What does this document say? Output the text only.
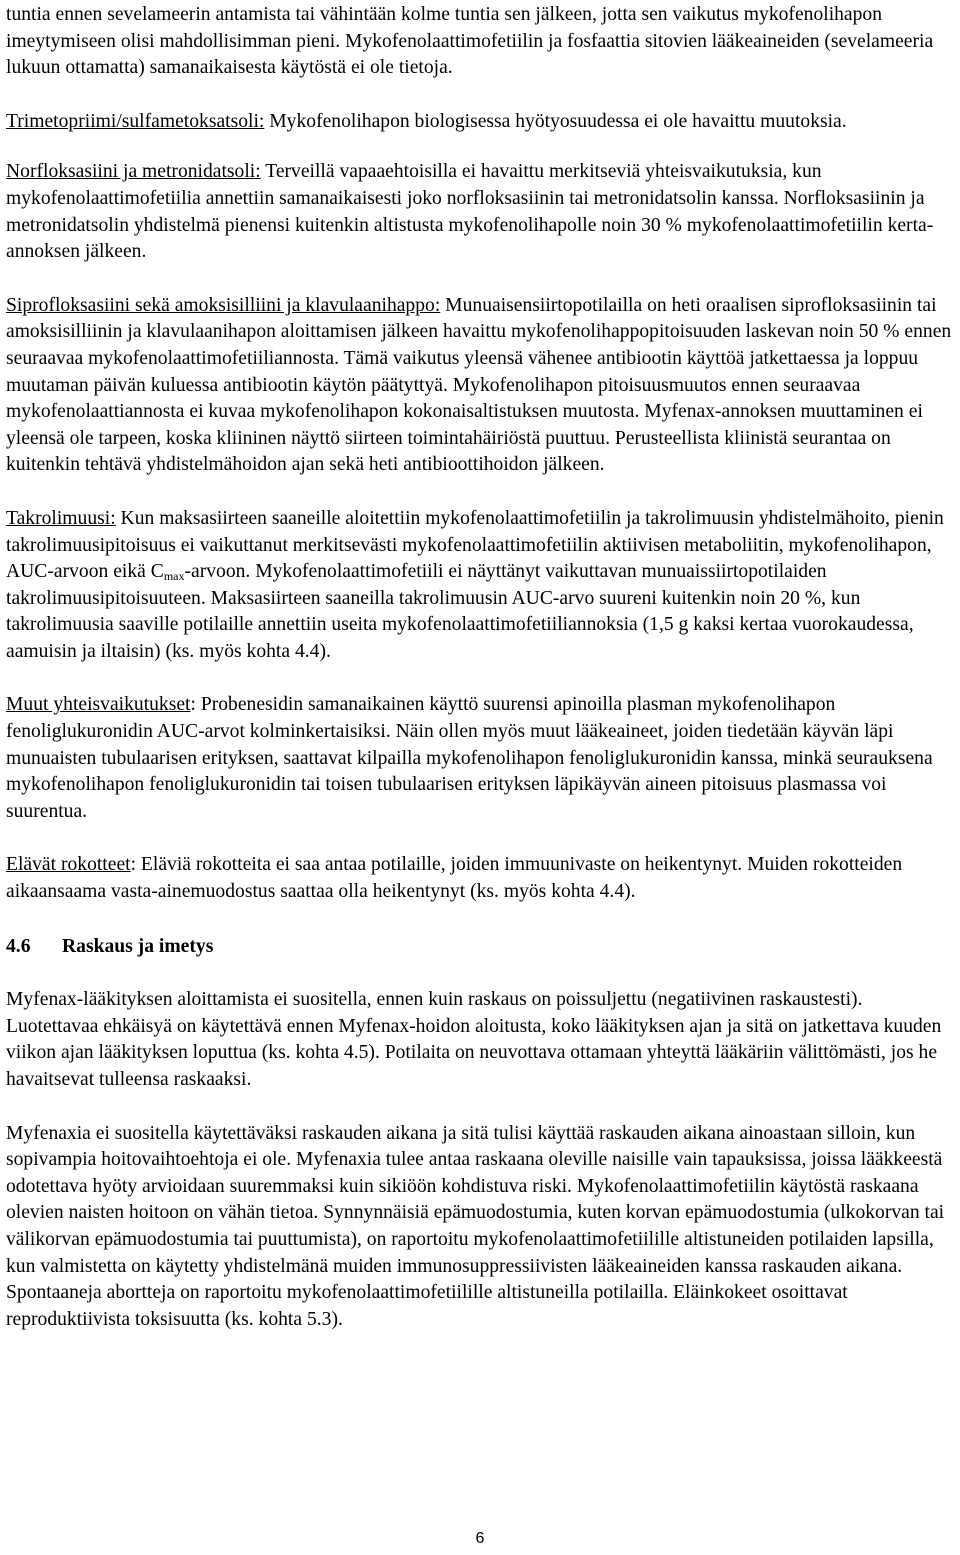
tuntia ennen sevelameerin antamista tai vähintään kolme tuntia sen jälkeen, jotta sen vaikutus mykofenolihapon imeytymiseen olisi mahdollisimman pieni. Mykofenolaattimofetiilin ja fosfaattia sitovien lääkeaineiden (sevelameeria lukuun ottamatta) samanaikaisesta käytöstä ei ole tietoja.

Trimetopriimi/sulfametoksatsoli: Mykofenolihapon biologisessa hyötyosuudessa ei ole havaittu muutoksia.

Norfloksasiini ja metronidatsoli: Terveillä vapaaehtoisilla ei havaittu merkitseviä yhteisvaikutuksia, kun mykofenolaattimofetiilia annettiin samanaikaisesti joko norfloksasiinin tai metronidatsolin kanssa. Norfloksasiinin ja metronidatsolin yhdistelmä pienensi kuitenkin altistusta mykofenolihapolle noin 30 % mykofenolaattimofetiilin kerta-annoksen jälkeen.

Siprofloksasiini sekä amoksisilliini ja klavulaanihappo: Munuaisensiirtopotilailla on heti oraalisen siprofloksasiinin tai amoksisilliinin ja klavulaanihapon aloittamisen jälkeen havaittu mykofenolihappopitoisuuden laskevan noin 50 % ennen seuraavaa mykofenolaattimofetiiliannosta. Tämä vaikutus yleensä vähenee antibiootin käyttöä jatkettaessa ja loppuu muutaman päivän kuluessa antibiootin käytön päätyttyä. Mykofenolihapon pitoisuusmuutos ennen seuraavaa mykofenolaattiannosta ei kuvaa mykofenolihapon kokonaisaltistuksen muutosta. Myfenax-annoksen muuttaminen ei yleensä ole tarpeen, koska kliininen näyttö siirteen toimintahäiriöstä puuttuu. Perusteellista kliinistä seurantaa on kuitenkin tehtävä yhdistelmähoidon ajan sekä heti antibioottihoidon jälkeen.

Takrolimuusi: Kun maksasiirteen saaneille aloitettiin mykofenolaattimofetiilin ja takrolimuusin yhdistelmähoito, pienin takrolimuusipitoisuus ei vaikuttanut merkitsevästi mykofenolaattimofetiilin aktiivisen metaboliitin, mykofenolihapon, AUC-arvoon eikä $C_{max}$-arvoon. Mykofenolaattimofetiili ei näyttänyt vaikuttavan munuaissiirtopotilaiden takrolimuusipitoisuuteen. Maksasiirteen saaneilla takrolimuusin AUC-arvo suureni kuitenkin noin 20 %, kun takrolimuusia saaville potilaille annettiin useita mykofenolaattimofetiiliannoksia (1,5 g kaksi kertaa vuorokaudessa, aamuisin ja iltaisin) (ks. myös kohta 4.4).

Muut yhteisvaikutukset: Probenesidin samanaikainen käyttö suurensi apinoilla plasman mykofenolihapon fenoliglukuronidin AUC-arvot kolminkertaisiksi. Näin ollen myös muut lääkeaineet, joiden tiedetään käyvän läpi munuaisten tubulaarisen erityksen, saattavat kilpailla mykofenolihapon fenoliglukuronidin kanssa, minkä seurauksena mykofenolihapon fenoliglukuronidin tai toisen tubulaarisen erityksen läpikäyvän aineen pitoisuus plasmassa voi suurentua.

Elävät rokotteet: Eläviä rokotteita ei saa antaa potilaille, joiden immuunivaste on heikentynyt. Muiden rokotteiden aikaansaama vasta-ainemuodostus saattaa olla heikentynyt (ks. myös kohta 4.4).

4.6 Raskaus ja imetys

Myfenax-lääkityksen aloittamista ei suositella, ennen kuin raskaus on poissuljettu (negatiivinen raskaustesti). Luotettavaa ehkäisyä on käytettävä ennen Myfenax-hoidon aloitusta, koko lääkityksen ajan ja sitä on jatkettava kuuden viikon ajan lääkityksen loputtua (ks. kohta 4.5). Potilaita on neuvottava ottamaan yhteyttä lääkäriin välittömästi, jos he havaitsevat tulleensa raskaaksi.

Myfenaxia ei suositella käytettäväksi raskauden aikana ja sitä tulisi käyttää raskauden aikana ainoastaan silloin, kun sopivampia hoitovaihtoehtoja ei ole. Myfenaxia tulee antaa raskaana oleville naisille vain tapauksissa, joissa lääkkeestä odotettava hyöty arvioidaan suuremmaksi kuin sikiöön kohdistuva riski. Mykofenolaattimofetiilin käytöstä raskaana olevien naisten hoitoon on vähän tietoa. Synnynnäisiä epämuodostumia, kuten korvan epämuodostumia (ulkokorvan tai välikorvan epämuodostumia tai puuttumista), on raportoitu mykofenolaattimofetiilille altistuneiden potilaiden lapsilla, kun valmistetta on käytetty yhdistelmänä muiden immunosuppressiivisten lääkeaineiden kanssa raskauden aikana. Spontaaneja abortteja on raportoitu mykofenolaattimofetiilille altistuneilla potilailla. Eläinkokeet osoittavat reproduktiivista toksisuutta (ks. kohta 5.3).

6
